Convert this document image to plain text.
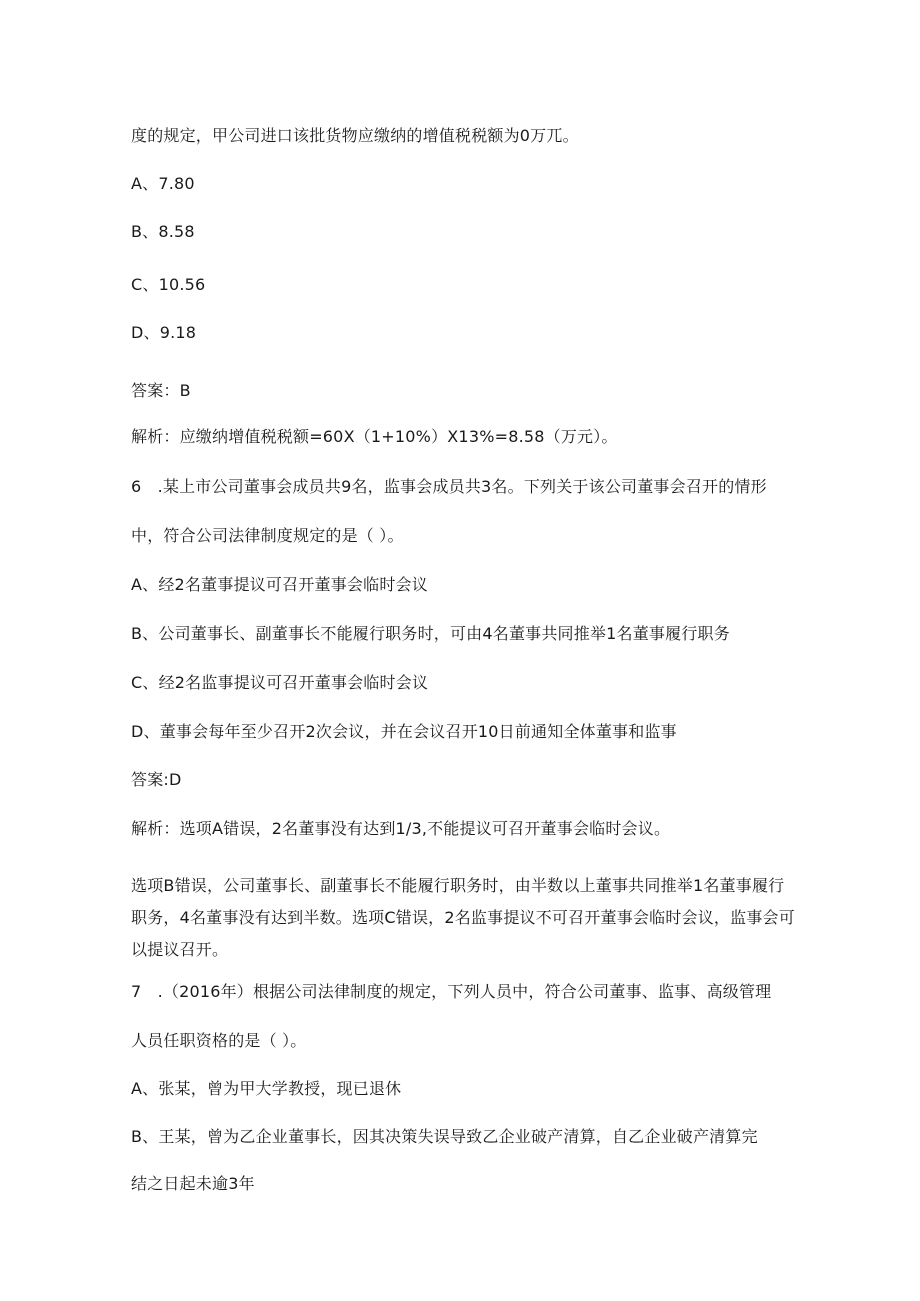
度的规定，甲公司进口该批货物应缴纳的增值税税额为0万兀。
A、7.80
B、8.58
C、10.56
D、9.18
答案：B
解析：应缴纳增值税税额=60X（1+10%）X13%=8.58（万元）。
6　.某上市公司董事会成员共9名，监事会成员共3名。下列关于该公司董事会召开的情形
中，符合公司法律制度规定的是（ ）。
A、经2名董事提议可召开董事会临时会议
B、公司董事长、副董事长不能履行职务时，可由4名董事共同推举1名董事履行职务
C、经2名监事提议可召开董事会临时会议
D、董事会每年至少召开2次会议，并在会议召开10日前通知全体董事和监事
答案:D
解析：选项A错误，2名董事没有达到1/3,不能提议可召开董事会临时会议。
选项B错误，公司董事长、副董事长不能履行职务时，由半数以上董事共同推举1名董事履行职务，4名董事没有达到半数。选项C错误，2名监事提议不可召开董事会临时会议，监事会可以提议召开。
7　.（2016年）根据公司法律制度的规定，下列人员中，符合公司董事、监事、高级管理
人员任职资格的是（ ）。
A、张某，曾为甲大学教授，现已退休
B、王某，曾为乙企业董事长，因其决策失误导致乙企业破产清算，自乙企业破产清算完
结之日起未逾3年
